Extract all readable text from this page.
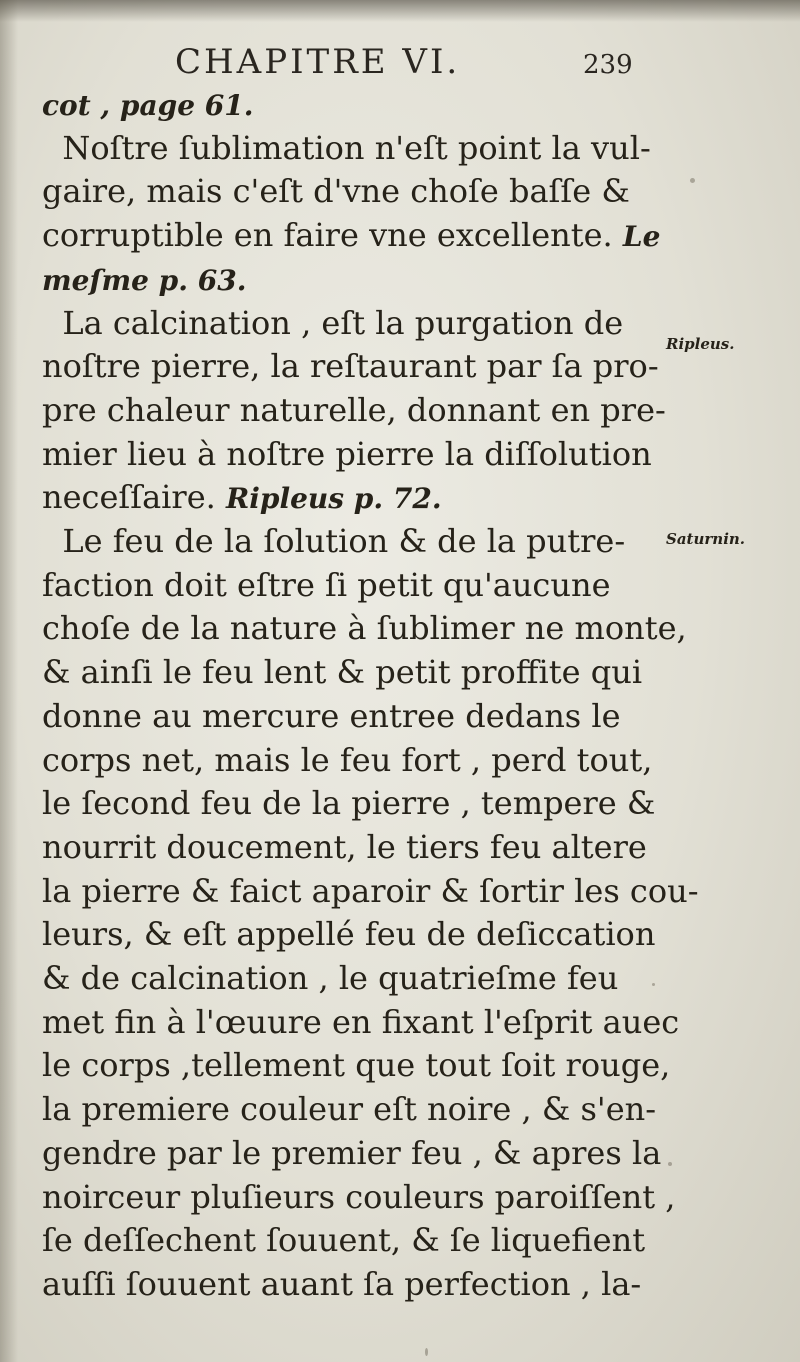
CHAPITRE VI.	239
Ripleus.
Saturnin.
cot , page 61.
Noſtre ſublimation n'eſt point la vul-
gaire, mais c'eſt d'vne choſe baſſe &
corruptible en faire vne excellente. Le
meſme p. 63.
La calcination , eſt la purgation de
noſtre pierre, la reſtaurant par ſa pro-
pre chaleur naturelle, donnant en pre-
mier lieu à noſtre pierre la diſſolution
neceſſaire. Ripleus p. 72.
Le feu de la ſolution & de la putre-
faction doit eſtre ſi petit qu'aucune
choſe de la nature à ſublimer ne monte,
& ainſi le feu lent & petit proffite qui
donne au mercure entree dedans le
corps net, mais le feu fort , perd tout,
le ſecond feu de la pierre , tempere &
nourrit doucement, le tiers feu altere
la pierre & faict aparoir & ſortir les cou-
leurs, & eſt appellé feu de deſiccation
& de calcination , le quatrieſme feu
met fin à l'œuure en fixant l'eſprit auec
le corps ,tellement que tout ſoit rouge,
la premiere couleur eſt noire , & s'en-
gendre par le premier feu , & apres la
noirceur pluſieurs couleurs paroiſſent ,
ſe deſſechent ſouuent, & ſe liquefient
auſſi ſouuent auant ſa perfection , la-
